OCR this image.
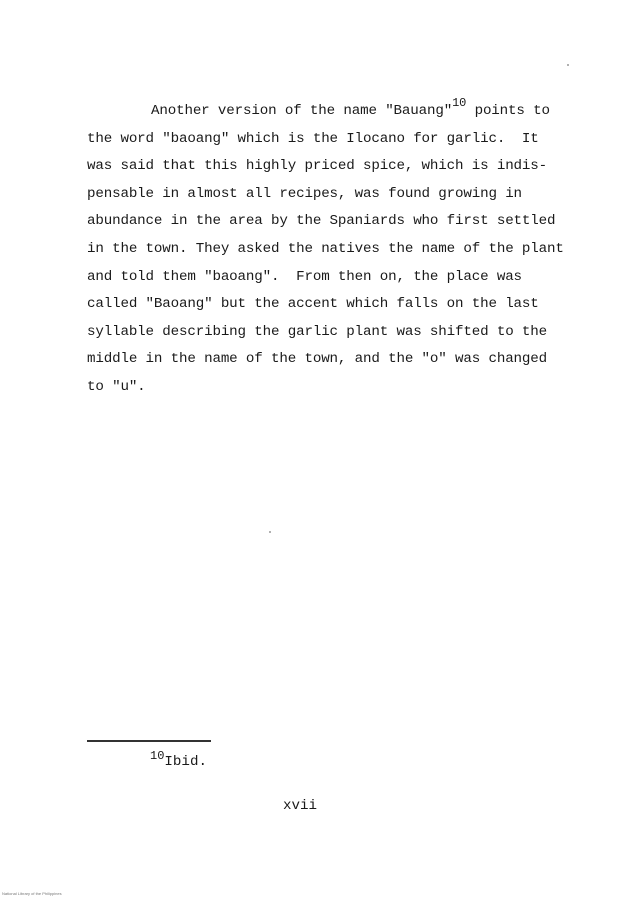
Another version of the name "Bauang"$^{10}$ points to
the word "baoang" which is the Ilocano for garlic.  It
was said that this highly priced spice, which is indis-
pensable in almost all recipes, was found growing in
abundance in the area by the Spaniards who first settled
in the town. They asked the natives the name of the plant
and told them "baoang".  From then on, the place was
called "Baoang" but the accent which falls on the last
syllable describing the garlic plant was shifted to the
middle in the name of the town, and the "o" was changed
to "u".
$^{10}$Ibid.
xvii
National Library of the Philippines
